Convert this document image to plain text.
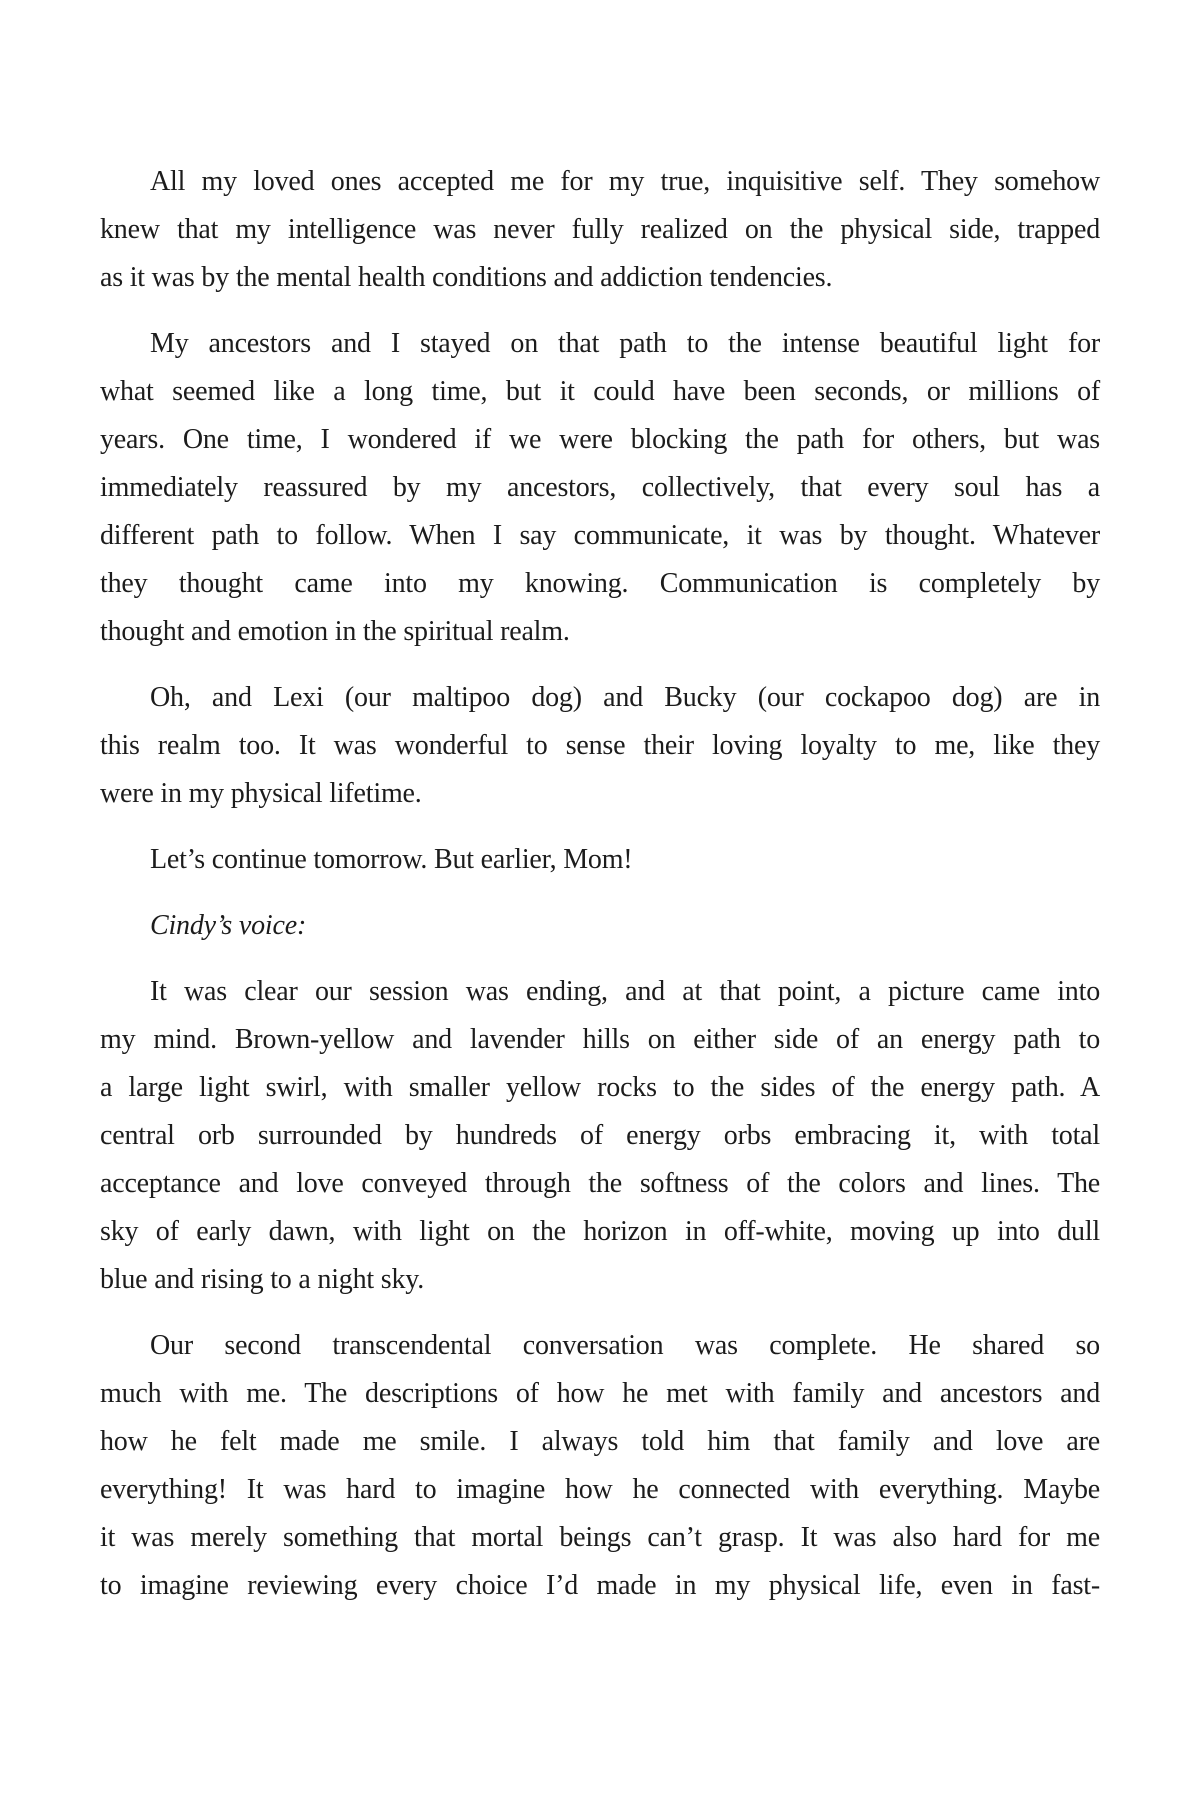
All my loved ones accepted me for my true, inquisitive self. They somehow
knew that my intelligence was never fully realized on the physical side, trapped
as it was by the mental health conditions and addiction tendencies.

My ancestors and I stayed on that path to the intense beautiful light for
what seemed like a long time, but it could have been seconds, or millions of
years. One time, I wondered if we were blocking the path for others, but was
immediately reassured by my ancestors, collectively, that every soul has a
different path to follow. When I say communicate, it was by thought. Whatever
they thought came into my knowing. Communication is completely by
thought and emotion in the spiritual realm.

Oh, and Lexi (our maltipoo dog) and Bucky (our cockapoo dog) are in
this realm too. It was wonderful to sense their loving loyalty to me, like they
were in my physical lifetime.

Let’s continue tomorrow. But earlier, Mom!

Cindy’s voice:

It was clear our session was ending, and at that point, a picture came into
my mind. Brown-yellow and lavender hills on either side of an energy path to
a large light swirl, with smaller yellow rocks to the sides of the energy path. A
central orb surrounded by hundreds of energy orbs embracing it, with total
acceptance and love conveyed through the softness of the colors and lines. The
sky of early dawn, with light on the horizon in off-white, moving up into dull
blue and rising to a night sky.

Our second transcendental conversation was complete. He shared so
much with me. The descriptions of how he met with family and ancestors and
how he felt made me smile. I always told him that family and love are
everything! It was hard to imagine how he connected with everything. Maybe
it was merely something that mortal beings can’t grasp. It was also hard for me
to imagine reviewing every choice I’d made in my physical life, even in fast-
